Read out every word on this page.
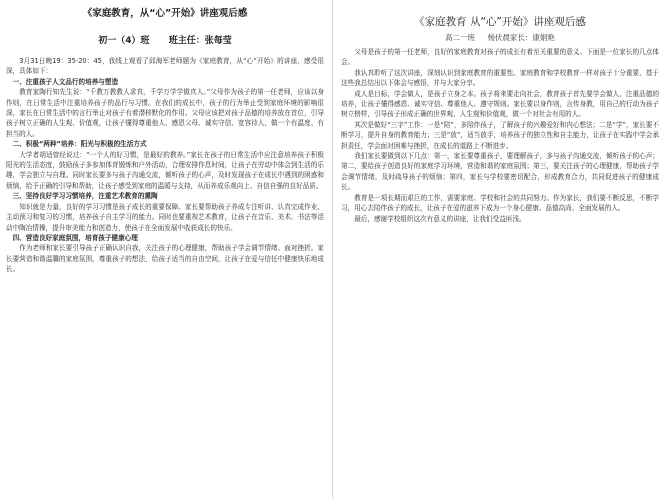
《家庭教育，从“心”开始》讲座观后感
初一（4）班 班主任：张每莹

3月31日晚19：35-20：45，我线上观看了邱海军老师题为《家庭教育，从“心”开始》的讲座，感受很深，具体如下：

一、注重孩子人文品行的培养与塑造

教育家陶行知先生说：“千教万教教人求真，千学万学学做真人。”父母作为孩子的第一任老师，应该以身作则，在日常生活中注重培养孩子的品行与习惯。在我们的成长中，孩子的行为举止受到家庭环境的影响很深，家长在日常生活中的言行举止对孩子有着潜移默化的作用。父母应该把对孩子品德的培养放在首位，引导孩子树立正确的人生观、价值观，让孩子懂得尊重他人、感恩父母、诚实守信、宽容待人，做一个有温度、有担当的人。

二、积极“两种”培养：阳光与积极的生活方式

大学者胡适曾经说过：“一个人的好习惯，是最好的教养。”家长在孩子的日常生活中应注意培养孩子积极阳光的生活态度，鼓励孩子多参加体育锻炼和户外活动，合理安排作息时间，让孩子在劳动中体会到生活的乐趣，学会独立与自理。同时家长要多与孩子沟通交流，倾听孩子的心声，及时发现孩子在成长中遇到的困惑和烦恼，给予正确的引导和帮助，让孩子感受到家庭的温暖与支持，从而养成乐观向上、自信自强的良好品质。

三、坚持良好学习习惯培养，注重艺术教育的熏陶

知识就是力量，良好的学习习惯是孩子成长的重要保障。家长要帮助孩子养成专注听讲、认真完成作业、主动预习和复习的习惯，培养孩子自主学习的能力。同时也要重视艺术教育，让孩子在音乐、美术、书法等活动中陶冶情操，提升审美能力和创造力，使孩子在全面发展中收获成长的快乐。

四、营造良好家庭氛围，培育孩子健康心理

作为老师和家长要引导孩子正确认识自我，关注孩子的心理健康，帮助孩子学会调节情绪、面对挫折。家长要营造和谐温馨的家庭氛围，尊重孩子的想法，给孩子适当的自由空间，让孩子在爱与信任中健康快乐地成长。

《家庭教育 从“心”开始》讲座观后感
高二一班 杨伏晨家长：康娟艳

父母是孩子的第一任老师，良好的家庭教育对孩子的成长有着至关重要的意义。下面是一位家长的几点体会。

我认真聆听了这次讲座，深刻认识到家庭教育的重要性。家庭教育和学校教育一样对孩子十分重要，基于这些我总结出以下体会与感悟，并与大家分享。

成人是目标，学会做人，是孩子立身之本。孩子将来要走向社会，教育孩子首先要学会做人，注重品德的培养，让孩子懂得感恩、诚实守信、尊重他人、遵守规则。家长要以身作则，言传身教，用自己的行动为孩子树立榜样，引导孩子形成正确的世界观、人生观和价值观，做一个对社会有用的人。

其次是做好“三字”工作：一是“陪”，多陪伴孩子，了解孩子的兴趣爱好和内心想法；二是“学”，家长要不断学习，提升自身的教育能力；三是“放”，适当放手，培养孩子的独立性和自主能力，让孩子在实践中学会承担责任，学会面对困难与挫折，在成长的道路上不断进步。

我们家长要做到以下几点：第一，家长要尊重孩子，要理解孩子，多与孩子沟通交流，倾听孩子的心声；第二，要给孩子创造良好的家庭学习环境，营造和谐的家庭氛围；第三，要关注孩子的心理健康，帮助孩子学会调节情绪，及时疏导孩子的烦恼；第四，家长与学校要密切配合，形成教育合力，共同促进孩子的健康成长。

教育是一项长期而艰巨的工作，需要家庭、学校和社会的共同努力。作为家长，我们要不断反思，不断学习，用心去陪伴孩子的成长，让孩子在爱的滋养下成为一个身心健康、品德高尚、全面发展的人。

最后，感谢学校组织这次有意义的讲座，让我们受益匪浅。
